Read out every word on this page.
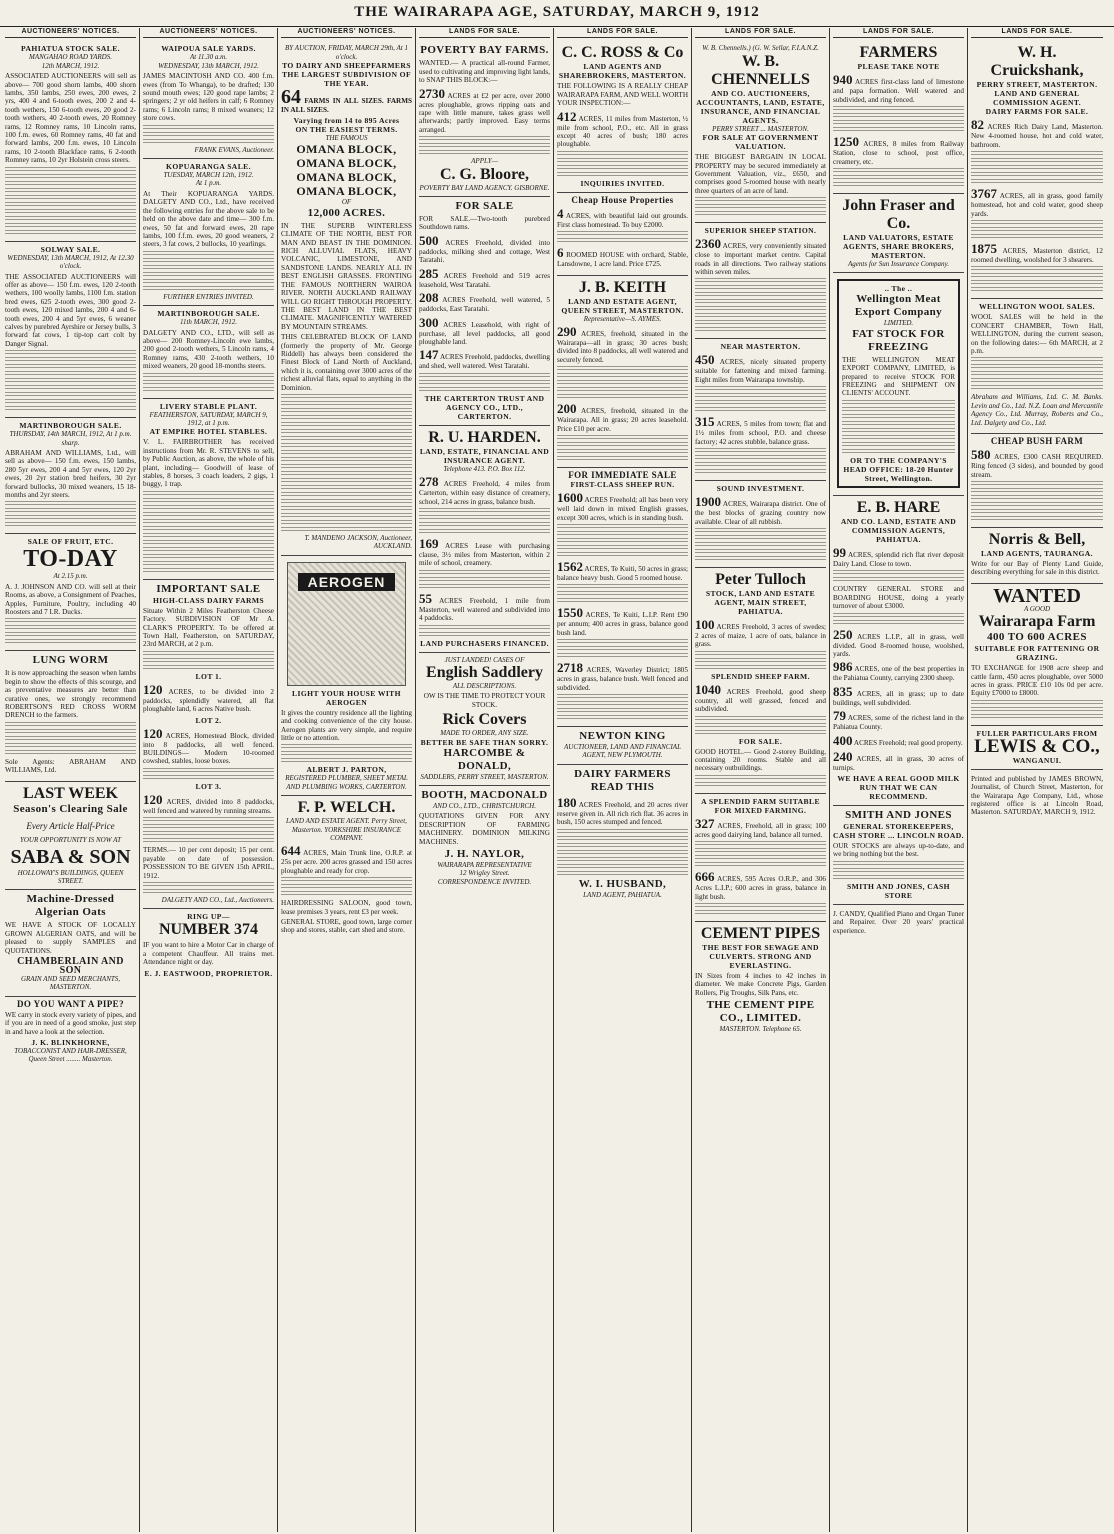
THE WAIRARAPA AGE, SATURDAY, MARCH 9, 1912
AUCTIONEERS' NOTICES.
PAHIATUA STOCK SALE.
MANGAHAO ROAD YARDS.
12th MARCH, 1912.

ASSOCIATED AUCTIONEERS will sell as above— 700 good shorn lambs, 400 shorn lambs, 350 lambs, 250 ewes, 200 ewes, 2 yrs, 400 4 and 6-tooth ewes, 200 2 and 4-tooth wethers, 150 6-tooth ewes, 20 good 2-tooth wethers, 40 2-tooth ewes, 20 Romney rams, 12 Romney rams, 10 Lincoln rams, 100 f.m. ewes, 60 Romney rams, 40 fat and forward lambs, 200 f.m. ewes, 10 Lincoln rams, 10 2-tooth Blackface rams, 6 2-tooth Romney rams, 10 2yr Holstein cross steers.

SOLWAY SALE.
WEDNESDAY, 13th MARCH, 1912, At 12.30 o'clock.

THE ASSOCIATED AUCTIONEERS will offer as above— 150 f.m. ewes, 120 2-tooth wethers, 100 woolly lambs, 1100 f.m. station bred ewes, 625 2-tooth ewes, 300 good 2-tooth ewes, 120 mixed lambs, 200 4 and 6-tooth ewes, 200 4 and 5yr ewes, 6 weaner calves by purebred Ayrshire or Jersey bulls, 3 forward fat cows, 1 tip-top cart colt by Danger Signal.

MARTINBOROUGH SALE.
THURSDAY, 14th MARCH, 1912, At 1 p.m. sharp.

ABRAHAM AND WILLIAMS, Ltd., will sell as above— 150 f.m. ewes, 150 lambs, 280 5yr ewes, 200 4 and 5yr ewes, 120 2yr ewes, 20 2yr station bred heifers, 30 2yr forward bullocks, 30 mixed weaners, 15 18-months and 2yr steers.

SALE OF FRUIT, ETC.
TO-DAY
At 2.15 p.m.

A. J. JOHNSON AND CO. will sell at their Rooms, as above, a Consignment of Peaches, Apples, Furniture, Poultry, including 40 Roosters and 7 I.R. Ducks.

LUNG WORM

It is now approaching the season when lambs begin to show the effects of this scourge, and as preventative measures are better than curative ones, we strongly recommend ROBERTSON'S RED CROSS WORM DRENCH to the farmers.

Sole Agents: ABRAHAM AND WILLIAMS, Ltd.

LAST WEEK
Season's Clearing Sale
Every Article Half-Price
YOUR OPPORTUNITY IS NOW AT
SABA & SON
HOLLOWAY'S BUILDINGS, QUEEN STREET.
Machine-Dressed Algerian Oats

WE HAVE A STOCK OF LOCALLY GROWN ALGERIAN OATS, and will be pleased to supply SAMPLES and QUOTATIONS.

CHAMBERLAIN AND SON
GRAIN AND SEED MERCHANTS, MASTERTON.
DO YOU WANT A PIPE?

WE carry in stock every variety of pipes, and if you are in need of a good smoke, just step in and have a look at the selection.

J. K. BLINKHORNE,
TOBACCONIST AND HAIR-DRESSER,
Queen Street ........ Masterton.
AUCTIONEERS' NOTICES.
WAIPOUA SALE YARDS.
At 11.30 a.m.
WEDNESDAY, 13th MARCH, 1912.

JAMES MACINTOSH AND CO. 400 f.m. ewes (from To Whanga), to be drafted; 130 sound mouth ewes; 120 good rape lambs; 2 springers; 2 yr old heifers in calf; 6 Romney rams; 6 Lincoln rams; 8 mixed weaners; 12 store cows.

FRANK EVANS, Auctioneer.
KOPUARANGA SALE.
TUESDAY, MARCH 12th, 1912.
At 1 p.m.

At Their KOPUARANGA YARDS. DALGETY AND CO., Ltd., have received the following entries for the above sale to be held on the above date and time— 300 f.m. ewes, 50 fat and forward ewes, 20 rape lambs, 100 f.f.m. ewes, 20 good weaners, 2 steers, 3 fat cows, 2 bullocks, 10 yearlings.

FURTHER ENTRIES INVITED.
MARTINBOROUGH SALE.
11th MARCH, 1912.

DALGETY AND CO., LTD., will sell as above— 200 Romney-Lincoln ewe lambs, 200 good 2-tooth wethers, 5 Lincoln rams, 4 Romney rams, 430 2-tooth wethers, 10 mixed weaners, 20 good 18-months steers.

LIVERY STABLE PLANT.
FEATHERSTON, SATURDAY, MARCH 9, 1912, at 1 p.m.
AT EMPIRE HOTEL STABLES.

V. L. FAIRBROTHER has received instructions from Mr. R. STEVENS to sell, by Public Auction, as above, the whole of his plant, including— Goodwill of lease of stables, 8 horses, 3 coach loaders, 2 gigs, 1 buggy, 1 trap.

IMPORTANT SALE
HIGH-CLASS DAIRY FARMS

Situate Within 2 Miles Featherston Cheese Factory. SUBDIVISION OF Mr A. CLARK'S PROPERTY. To be offered at Town Hall, Featherston, on SATURDAY, 23rd MARCH, at 2 p.m.

LOT 1.

120 ACRES, to be divided into 2 paddocks, splendidly watered, all flat ploughable land, 6 acres Native bush.

LOT 2.

120 ACRES, Homestead Block, divided into 8 paddocks, all well fenced. BUILDINGS— Modern 10-roomed cowshed, stables, loose boxes.

LOT 3.

120 ACRES, divided into 8 paddocks, well fenced and watered by running streams.

TERMS.— 10 per cent deposit; 15 per cent. payable on date of possession. POSSESSION TO BE GIVEN 15th APRIL, 1912.

DALGETY AND CO., Ltd., Auctioneers.
RING UP—
NUMBER 374

IF you want to hire a Motor Car in charge of a competent Chauffeur. All trains met. Attendance night or day.

E. J. EASTWOOD, PROPRIETOR.
AUCTIONEERS' NOTICES.
BY AUCTION, FRIDAY, MARCH 29th, At 1 o'clock.
TO DAIRY AND SHEEPFARMERS
THE LARGEST SUBDIVISION OF THE YEAR.

64 FARMS IN ALL SIZES. FARMS IN ALL SIZES.

Varying from 14 to 895 Acres
ON THE EASIEST TERMS.
THE FAMOUS
OMANA BLOCK, OMANA BLOCK, OMANA BLOCK, OMANA BLOCK,
OF
12,000 ACRES.

IN THE SUPERB WINTERLESS CLIMATE OF THE NORTH, BEST FOR MAN AND BEAST IN THE DOMINION. RICH ALLUVIAL FLATS, HEAVY VOLCANIC, LIMESTONE, AND SANDSTONE LANDS. NEARLY ALL IN BEST ENGLISH GRASSES. FRONTING THE FAMOUS NORTHERN WAIROA RIVER. NORTH AUCKLAND RAILWAY WILL GO RIGHT THROUGH PROPERTY. THE BEST LAND IN THE BEST CLIMATE. MAGNIFICENTLY WATERED BY MOUNTAIN STREAMS.

THIS CELEBRATED BLOCK OF LAND (formerly the property of Mr. George Riddell) has always been considered the Finest Block of Land North of Auckland, which it is, containing over 3000 acres of the richest alluvial flats, equal to anything in the Dominion.

T. MANDENO JACKSON, Auctioneer, AUCKLAND.
AEROGEN
LIGHT YOUR HOUSE WITH AEROGEN

It gives the country residence all the lighting and cooking convenience of the city house. Aerogen plants are very simple, and require little or no attention.

ALBERT J. PARTON,
REGISTERED PLUMBER, SHEET METAL AND PLUMBING WORKS, CARTERTON.
F. P. WELCH.
LAND AND ESTATE AGENT. Perry Street, Masterton. YORKSHIRE INSURANCE COMPANY.

644 ACRES, Main Trunk line, O.R.P. at 25s per acre. 200 acres grassed and 150 acres ploughable and ready for crop.

HAIRDRESSING SALOON, good town, lease premises 3 years, rent £3 per week.

GENERAL STORE, good town, large corner shop and stores, stable, cart shed and store.

LANDS FOR SALE.
POVERTY BAY FARMS.

WANTED.— A practical all-round Farmer, used to cultivating and improving light lands, to SNAP THIS BLOCK:—

2730 ACRES at £2 per acre, over 2000 acres ploughable, grows ripping oats and rape with little manure, takes grass well afterwards; partly improved. Easy terms arranged.

APPLY—
C. G. Bloore,
POVERTY BAY LAND AGENCY. GISBORNE.
FOR SALE

FOR SALE.—Two-tooth purebred Southdown rams.

500 ACRES Freehold, divided into paddocks, milking shed and cottage, West Taratahi.

285 ACRES Freehold and 519 acres leasehold, West Taratahi.

208 ACRES Freehold, well watered, 5 paddocks, East Taratahi.

300 ACRES Leasehold, with right of purchase, all level paddocks, all good ploughable land.

147 ACRES Freehold, paddocks, dwelling and shed, well watered. West Taratahi.

THE CARTERTON TRUST AND AGENCY CO., LTD., CARTERTON.
R. U. HARDEN.
LAND, ESTATE, FINANCIAL AND INSURANCE AGENT.
Telephone 413. P.O. Box 112.

278 ACRES Freehold, 4 miles from Carterton, within easy distance of creamery, school, 214 acres in grass, balance bush.

169 ACRES Lease with purchasing clause, 3½ miles from Masterton, within 2 mile of school, creamery.

55 ACRES Freehold, 1 mile from Masterton, well watered and subdivided into 4 paddocks.

LAND PURCHASERS FINANCED.
JUST LANDED! CASES OF
English Saddlery
ALL DESCRIPTIONS.

OW IS THE TIME TO PROTECT YOUR STOCK.

Rick Covers
MADE TO ORDER, ANY SIZE.
BETTER BE SAFE THAN SORRY.
HARCOMBE & DONALD,
SADDLERS, PERRY STREET, MASTERTON.
BOOTH, MACDONALD
AND CO., LTD., CHRISTCHURCH.

QUOTATIONS GIVEN FOR ANY DESCRIPTION OF FARMING MACHINERY. DOMINION MILKING MACHINES.

J. H. NAYLOR,
WAIRARAPA REPRESENTATIVE
12 Wrigley Street.
CORRESPONDENCE INVITED.
LANDS FOR SALE.
C. C. ROSS & Co
LAND AGENTS AND SHAREBROKERS, MASTERTON.

THE FOLLOWING IS A REALLY CHEAP WAIRARAPA FARM, AND WELL WORTH YOUR INSPECTION:—

412 ACRES, 11 miles from Masterton, ½ mile from school, P.O., etc. All in grass except 40 acres of bush; 180 acres ploughable.

INQUIRIES INVITED.
Cheap House Properties

4 ACRES, with beautiful laid out grounds. First class homestead. To buy £2000.

6 ROOMED HOUSE with orchard, Stable, Lansdowne, 1 acre land. Price £725.

J. B. KEITH
LAND AND ESTATE AGENT, QUEEN STREET, MASTERTON.
Representative—S. AYMES.

290 ACRES, freehold, situated in the Wairarapa—all in grass; 30 acres bush; divided into 8 paddocks, all well watered and securely fenced.

200 ACRES, freehold, situated in the Wairarapa. All in grass; 20 acres leasehold. Price £10 per acre.

FOR IMMEDIATE SALE
FIRST-CLASS SHEEP RUN.

1600 ACRES Freehold; all has been very well laid down in mixed English grasses, except 300 acres, which is in standing bush.

1562 ACRES, Te Kuiti, 50 acres in grass; balance heavy bush. Good 5 roomed house.

1550 ACRES, Te Kuiti, L.I.P. Rent £90 per annum; 400 acres in grass, balance good bush land.

2718 ACRES, Waverley District; 1805 acres in grass, balance bush. Well fenced and subdivided.

NEWTON KING
AUCTIONEER, LAND AND FINANCIAL AGENT, NEW PLYMOUTH.
DAIRY FARMERS READ THIS

180 ACRES Freehold, and 20 acres river reserve given in. All rich rich flat. 36 acres in bush, 150 acres stumped and fenced.

W. I. HUSBAND,
LAND AGENT, PAHIATUA.
LANDS FOR SALE.
W. B. Chennells.) (G. W. Sellar, F.I.A.N.Z.
W. B. CHENNELLS
AND CO. AUCTIONEERS, ACCOUNTANTS, LAND, ESTATE, INSURANCE, AND FINANCIAL AGENTS.
PERRY STREET ... MASTERTON.
FOR SALE AT GOVERNMENT VALUATION.

THE BIGGEST BARGAIN IN LOCAL PROPERTY may be secured immediately at Government Valuation, viz., £650, and comprises good 5-roomed house with nearly three quarters of an acre of land.

SUPERIOR SHEEP STATION.

2360 ACRES, very conveniently situated close to important market centre. Capital roads in all directions. Two railway stations within seven miles.

NEAR MASTERTON.

450 ACRES, nicely situated property suitable for fattening and mixed farming. Eight miles from Wairarapa township.

315 ACRES, 5 miles from town; flat and 1½ miles from school, P.O. and cheese factory; 42 acres stubble, balance grass.

SOUND INVESTMENT.

1900 ACRES, Wairarapa district. One of the best blocks of grazing country now available. Clear of all rubbish.

Peter Tulloch
STOCK, LAND AND ESTATE AGENT, MAIN STREET, PAHIATUA.

100 ACRES Freehold, 3 acres of swedes; 2 acres of maize, 1 acre of oats, balance in grass.

SPLENDID SHEEP FARM.

1040 ACRES Freehold, good sheep country, all well grassed, fenced and subdivided.

FOR SALE.

GOOD HOTEL.— Good 2-storey Building, containing 20 rooms. Stable and all necessary outbuildings.

A SPLENDID FARM SUITABLE FOR MIXED FARMING.

327 ACRES, Freehold, all in grass; 100 acres good dairying land, balance all turned.

666 ACRES, 595 Acres O.R.P., and 306 Acres L.I.P.; 600 acres in grass, balance in light bush.

CEMENT PIPES
THE BEST FOR SEWAGE AND CULVERTS. STRONG AND EVERLASTING.

IN Sizes from 4 inches to 42 inches in diameter. We make Concrete Pigs, Garden Rollers, Pig Troughs, Silk Pans, etc.

THE CEMENT PIPE CO., LIMITED.
MASTERTON. Telephone 65.
LANDS FOR SALE.
FARMERS
PLEASE TAKE NOTE

940 ACRES first-class land of limestone and papa formation. Well watered and subdivided, and ring fenced.

1250 ACRES, 8 miles from Railway Station, close to school, post office, creamery, etc.

John Fraser and Co.
LAND VALUATORS, ESTATE AGENTS, SHARE BROKERS, MASTERTON.
Agents for Sun Insurance Company.
.. The ..
Wellington Meat Export Company
LIMITED.
FAT STOCK FOR FREEZING

THE WELLINGTON MEAT EXPORT COMPANY, LIMITED, is prepared to receive STOCK FOR FREEZING and SHIPMENT ON CLIENTS' ACCOUNT.

OR TO THE COMPANY'S HEAD OFFICE: 18-20 Hunter Street, Wellington.
E. B. HARE
AND CO. LAND, ESTATE AND COMMISSION AGENTS, PAHIATUA.

99 ACRES, splendid rich flat river deposit Dairy Land. Close to town.

COUNTRY GENERAL STORE and BOARDING HOUSE, doing a yearly turnover of about £3000.

250 ACRES L.I.P., all in grass, well divided. Good 8-roomed house, woolshed, yards.

986 ACRES, one of the best properties in the Pahiatua County, carrying 2300 sheep.

835 ACRES, all in grass; up to date buildings, well subdivided.

79 ACRES, some of the richest land in the Pahiatua County.

400 ACRES Freehold; real good property.

240 ACRES, all in grass, 30 acres of turnips.

WE HAVE A REAL GOOD MILK RUN THAT WE CAN RECOMMEND.
SMITH AND JONES
GENERAL STOREKEEPERS, CASH STORE ... LINCOLN ROAD.

OUR STOCKS are always up-to-date, and we bring nothing but the best.

SMITH AND JONES, CASH STORE

J. CANDY, Qualified Piano and Organ Tuner and Repairer. Over 20 years' practical experience.

LANDS FOR SALE.
W. H. Cruickshank,
PERRY STREET, MASTERTON.
LAND AND GENERAL COMMISSION AGENT.
DAIRY FARMS FOR SALE.

82 ACRES Rich Dairy Land, Masterton. New 4-roomed house, hot and cold water, bathroom.

3767 ACRES, all in grass, good family homestead, hot and cold water, good sheep yards.

1875 ACRES, Masterton district, 12 roomed dwelling, woolshed for 3 shearers.

WELLINGTON WOOL SALES.

WOOL SALES will be held in the CONCERT CHAMBER, Town Hall, WELLINGTON, during the current season, on the following dates:— 6th MARCH, at 2 p.m.

Abraham and Williams, Ltd. C. M. Banks. Levin and Co., Ltd. N.Z. Loan and Mercantile Agency Co., Ltd. Murray, Roberts and Co., Ltd. Dalgety and Co., Ltd.

CHEAP BUSH FARM

580 ACRES, £300 CASH REQUIRED. Ring fenced (3 sides), and bounded by good stream.

Norris & Bell,
LAND AGENTS, TAURANGA.

Write for our Bay of Plenty Land Guide, describing everything for sale in this district.

WANTED
A GOOD
Wairarapa Farm
400 TO 600 ACRES
SUITABLE FOR FATTENING OR GRAZING.

TO EXCHANGE for 1908 acre sheep and cattle farm, 450 acres ploughable, over 5000 acres in grass. PRICE £10 10s 0d per acre. Equity £7000 to £8000.

FULLER PARTICULARS FROM
LEWIS & CO.,
WANGANUI.

Printed and published by JAMES BROWN, Journalist, of Church Street, Masterton, for the Wairarapa Age Company, Ltd., whose registered office is at Lincoln Road, Masterton. SATURDAY, MARCH 9, 1912.
